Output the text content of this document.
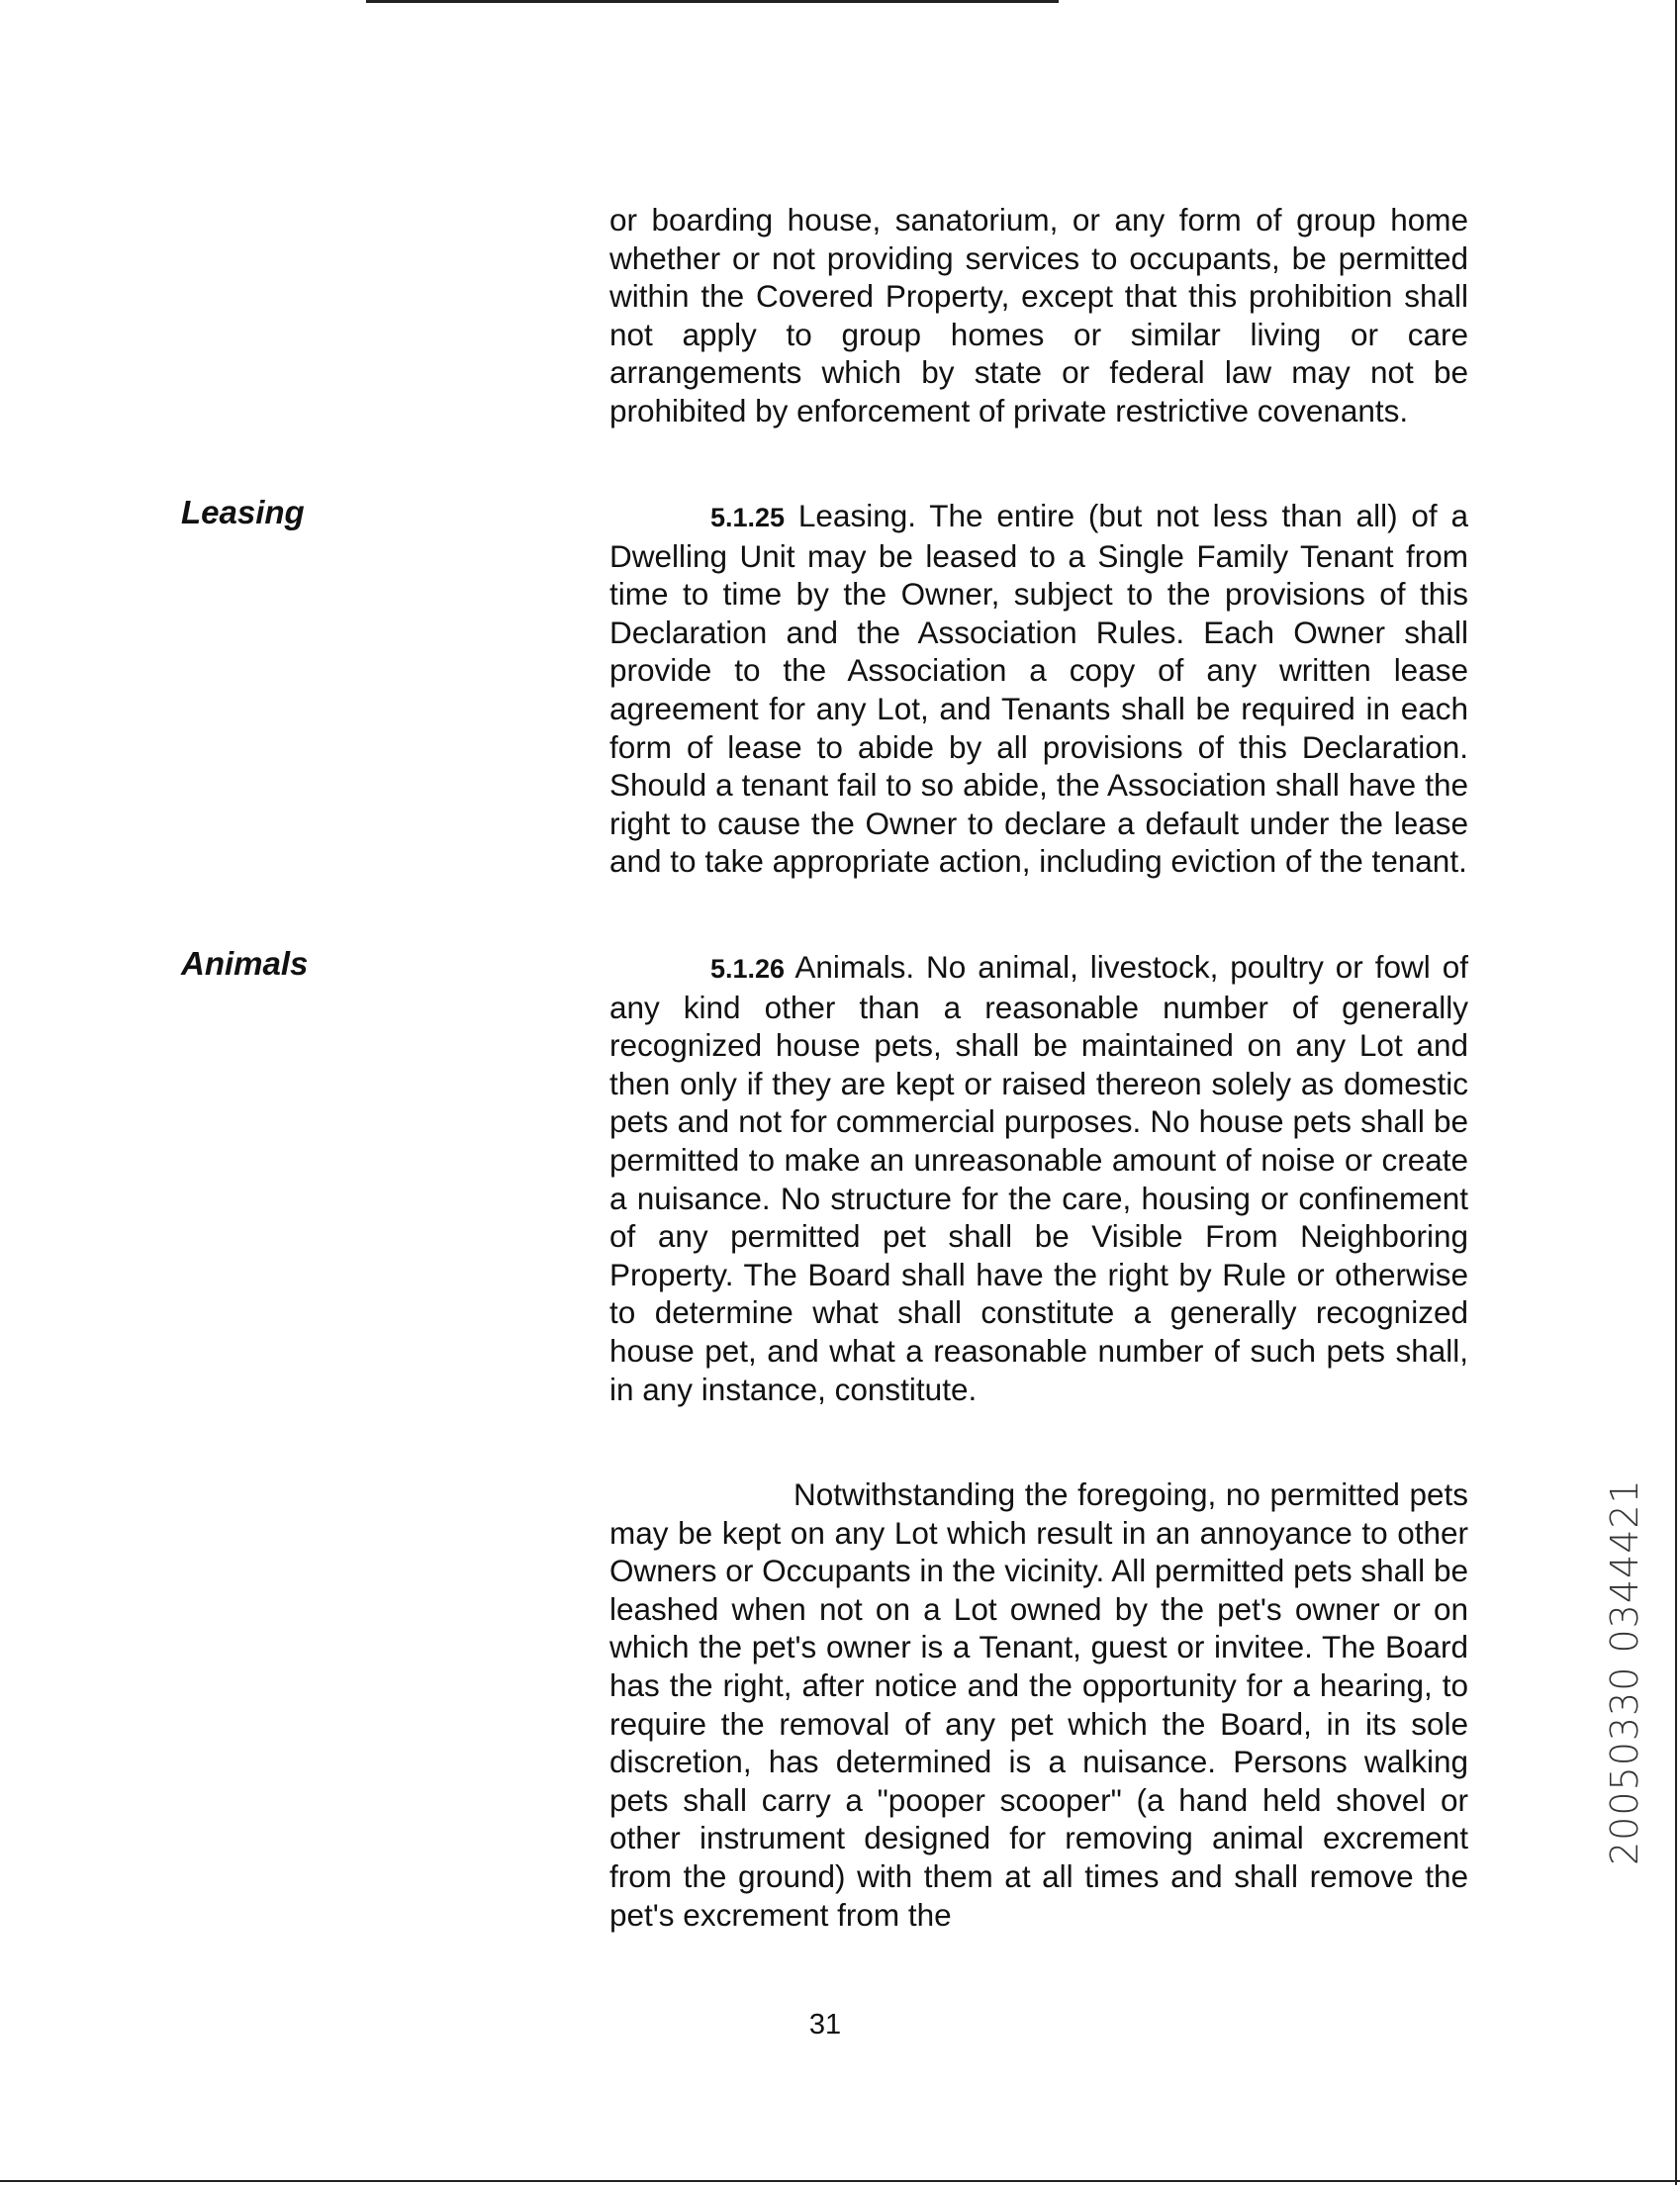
or boarding house, sanatorium, or any form of group home whether or not providing services to occupants, be permitted within the Covered Property, except that this prohibition shall not apply to group homes or similar living or care arrangements which by state or federal law may not be prohibited by enforcement of private restrictive covenants.

Leasing	5.1.25 Leasing. The entire (but not less than all) of a Dwelling Unit may be leased to a Single Family Tenant from time to time by the Owner, subject to the provisions of this Declaration and the Association Rules. Each Owner shall provide to the Association a copy of any written lease agreement for any Lot, and Tenants shall be required in each form of lease to abide by all provisions of this Declaration. Should a tenant fail to so abide, the Association shall have the right to cause the Owner to declare a default under the lease and to take appropriate action, including eviction of the tenant.

Animals	5.1.26 Animals. No animal, livestock, poultry or fowl of any kind other than a reasonable number of generally recognized house pets, shall be maintained on any Lot and then only if they are kept or raised thereon solely as domestic pets and not for commercial purposes. No house pets shall be permitted to make an unreasonable amount of noise or create a nuisance. No structure for the care, housing or confinement of any permitted pet shall be Visible From Neighboring Property. The Board shall have the right by Rule or otherwise to determine what shall constitute a generally recognized house pet, and what a reasonable number of such pets shall, in any instance, constitute.

Notwithstanding the foregoing, no permitted pets may be kept on any Lot which result in an annoyance to other Owners or Occupants in the vicinity. All permitted pets shall be leashed when not on a Lot owned by the pet's owner or on which the pet's owner is a Tenant, guest or invitee. The Board has the right, after notice and the opportunity for a hearing, to require the removal of any pet which the Board, in its sole discretion, has determined is a nuisance. Persons walking pets shall carry a "pooper scooper" (a hand held shovel or other instrument designed for removing animal excrement from the ground) with them at all times and shall remove the pet's excrement from the

31
20050330 0344421
